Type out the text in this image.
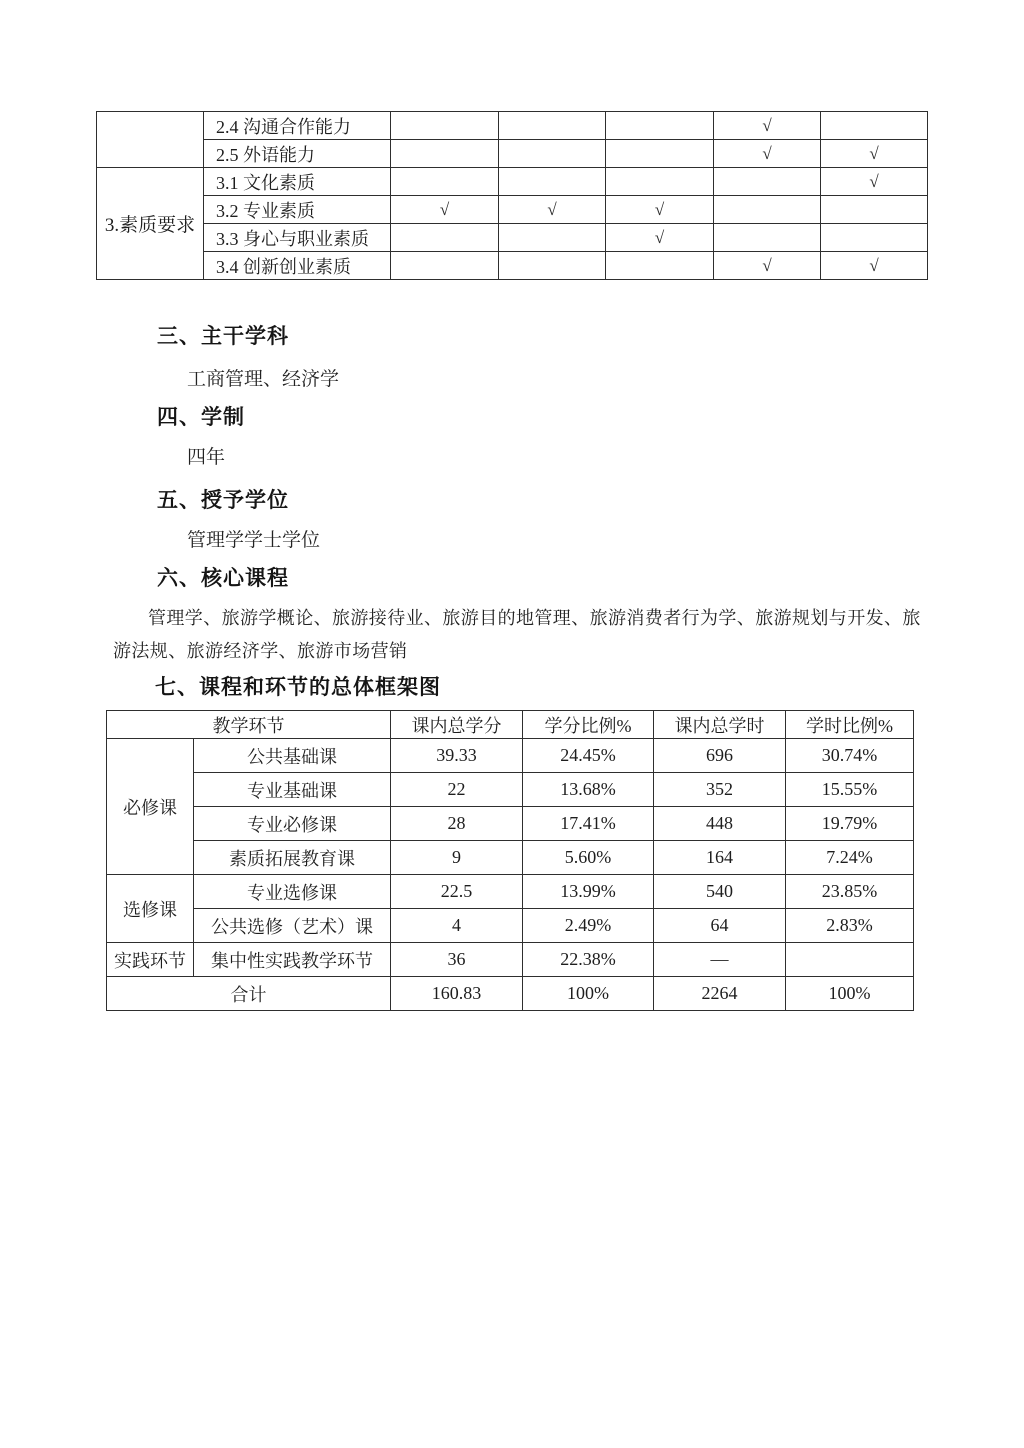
	2.4 沟通合作能力				√	
	2.5 外语能力				√	√
3.素质要求	3.1 文化素质					√
	3.2 专业素质	√	√	√		
	3.3 身心与职业素质			√		
	3.4 创新创业素质				√	√
三、主干学科
工商管理、经济学
四、学制
四年
五、授予学位
管理学学士学位
六、核心课程
管理学、旅游学概论、旅游接待业、旅游目的地管理、旅游消费者行为学、旅游规划与开发、旅
游法规、旅游经济学、旅游市场营销
七、课程和环节的总体框架图
教学环节		课内总学分	学分比例%	课内总学时	学时比例%
必修课	公共基础课	39.33	24.45%	696	30.74%
	专业基础课	22	13.68%	352	15.55%
	专业必修课	28	17.41%	448	19.79%
	素质拓展教育课	9	5.60%	164	7.24%
选修课	专业选修课	22.5	13.99%	540	23.85%
	公共选修（艺术）课	4	2.49%	64	2.83%
实践环节	集中性实践教学环节	36	22.38%	—	
合计		160.83	100%	2264	100%
